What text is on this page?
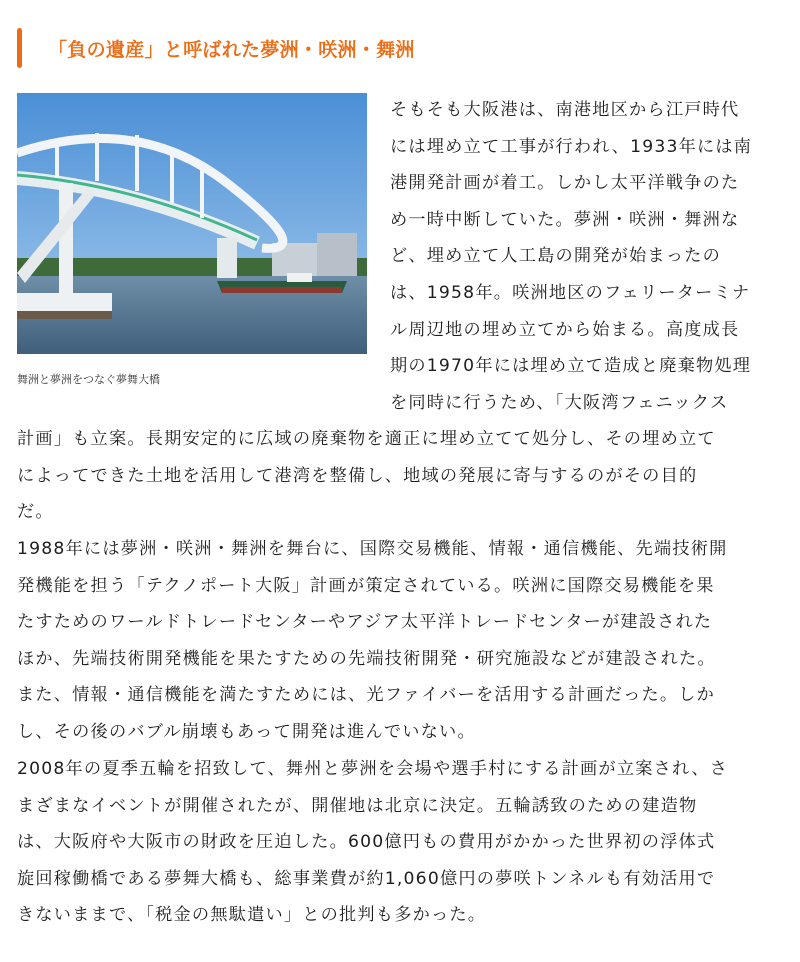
「負の遺産」と呼ばれた夢洲・咲洲・舞洲
舞洲と夢洲をつなぐ夢舞大橋
そもそも大阪港は、南港地区から江戸時代
には埋め立て工事が行われ、1933年には南
港開発計画が着工。しかし太平洋戦争のた
め一時中断していた。夢洲・咲洲・舞洲な
ど、埋め立て人工島の開発が始まったの
は、1958年。咲洲地区のフェリーターミナ
ル周辺地の埋め立てから始まる。高度成長
期の1970年には埋め立て造成と廃棄物処理
を同時に行うため、「大阪湾フェニックス
計画」も立案。長期安定的に広域の廃棄物を適正に埋め立てて処分し、その埋め立て
によってできた土地を活用して港湾を整備し、地域の発展に寄与するのがその目的
だ。
1988年には夢洲・咲洲・舞洲を舞台に、国際交易機能、情報・通信機能、先端技術開
発機能を担う「テクノポート大阪」計画が策定されている。咲洲に国際交易機能を果
たすためのワールドトレードセンターやアジア太平洋トレードセンターが建設された
ほか、先端技術開発機能を果たすための先端技術開発・研究施設などが建設された。
また、情報・通信機能を満たすためには、光ファイバーを活用する計画だった。しか
し、その後のバブル崩壊もあって開発は進んでいない。
2008年の夏季五輪を招致して、舞州と夢洲を会場や選手村にする計画が立案され、さ
まざまなイベントが開催されたが、開催地は北京に決定。五輪誘致のための建造物
は、大阪府や大阪市の財政を圧迫した。600億円もの費用がかかった世界初の浮体式
旋回稼働橋である夢舞大橋も、総事業費が約1,060億円の夢咲トンネルも有効活用で
きないままで、「税金の無駄遣い」との批判も多かった。
